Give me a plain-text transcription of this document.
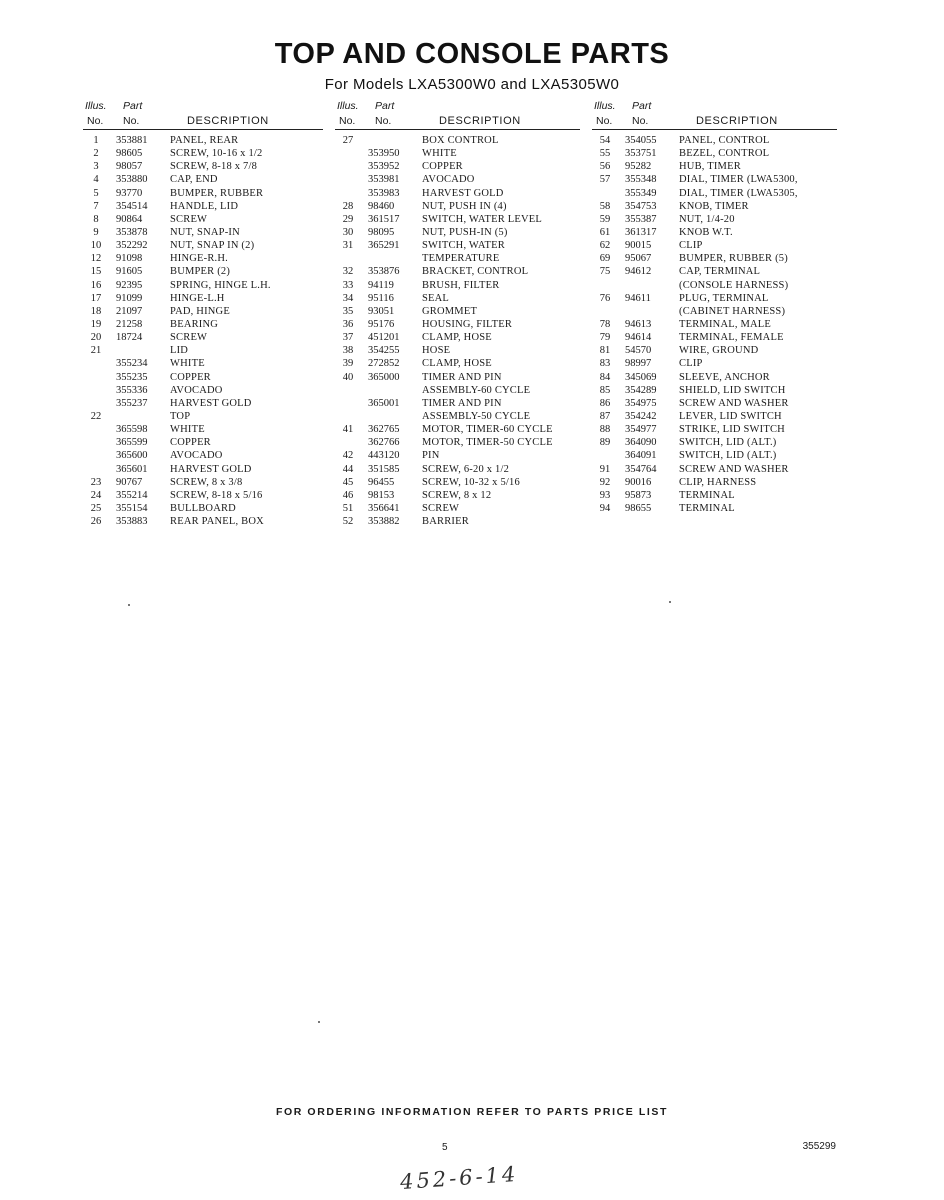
TOP AND CONSOLE PARTS
For Models LXA5300W0 and LXA5305W0
Illus. Part
No. No.	DESCRIPTION
1	353881 PANEL, REAR
2	98605	SCREW, 10-16 x 1/2
3	98057	SCREW, 8-18 x 7/8
4	353880 CAP, END
5	93770	BUMPER, RUBBER
7	354514 HANDLE, LID
8	90864	SCREW
9	353878 NUT, SNAP-IN
10	352292 NUT, SNAP IN (2)
12	91098	HINGE-R.H.
15	91605	BUMPER (2)
16	92395	SPRING, HINGE L.H.
17	91099	HINGE-L.H
18	21097	PAD, HINGE
19	21258	BEARING
20	18724	SCREW
21	LID
355234 WHITE
355235 COPPER
355336 AVOCADO
355237 HARVEST GOLD
22	TOP
365598 WHITE
365599 COPPER
365600 AVOCADO
365601 HARVEST GOLD
23	90767	SCREW, 8 x 3/8
24	355214 SCREW, 8-18 x 5/16
25	355154 BULLBOARD
26	353883 REAR PANEL, BOX
Illus. Part
No. No.	DESCRIPTION
27	BOX CONTROL
353950 WHITE
353952 COPPER
353981 AVOCADO
353983 HARVEST GOLD
28	98460	NUT, PUSH IN (4)
29	361517 SWITCH, WATER LEVEL
30	98095	NUT, PUSH-IN (5)
31	365291 SWITCH, WATER
TEMPERATURE
32	353876 BRACKET, CONTROL
33	94119	BRUSH, FILTER
34	95116	SEAL
35	93051	GROMMET
36	95176	HOUSING, FILTER
37	451201 CLAMP, HOSE
38	354255 HOSE
39	272852 CLAMP, HOSE
40	365000 TIMER AND PIN
ASSEMBLY-60 CYCLE
365001 TIMER AND PIN
ASSEMBLY-50 CYCLE
41	362765 MOTOR, TIMER-60 CYCLE
362766 MOTOR, TIMER-50 CYCLE
42	443120 PIN
44	351585 SCREW, 6-20 x 1/2
45	96455	SCREW, 10-32 x 5/16
46	98153	SCREW, 8 x 12
51	356641 SCREW
52	353882 BARRIER
Illus. Part
No. No.	DESCRIPTION
54	354055 PANEL, CONTROL
55	353751 BEZEL, CONTROL
56	95282	HUB, TIMER
57	355348 DIAL, TIMER (LWA5300,
355349 DIAL, TIMER (LWA5305,
58	354753 KNOB, TIMER
59	355387 NUT, 1/4-20
61	361317 KNOB W.T.
62	90015	CLIP
69	95067	BUMPER, RUBBER (5)
75	94612	CAP, TERMINAL
(CONSOLE HARNESS)
76	94611	PLUG, TERMINAL
(CABINET HARNESS)
78	94613	TERMINAL, MALE
79	94614	TERMINAL, FEMALE
81	54570	WIRE, GROUND
83	98997	CLIP
84	345069 SLEEVE, ANCHOR
85	354289 SHIELD, LID SWITCH
86	354975 SCREW AND WASHER
87	354242 LEVER, LID SWITCH
88	354977 STRIKE, LID SWITCH
89	364090 SWITCH, LID (ALT.)
364091 SWITCH, LID (ALT.)
91	354764 SCREW AND WASHER
92	90016	CLIP, HARNESS
93	95873	TERMINAL
94	98655	TERMINAL
FOR ORDERING INFORMATION REFER TO PARTS PRICE LIST
5	355299
452-6-14
